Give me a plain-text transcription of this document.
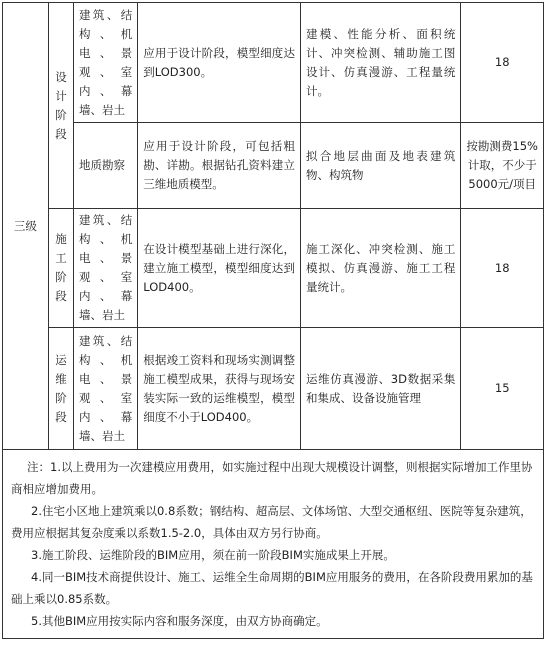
三级	设计阶段	建筑、结构、机电、景观、室内、幕墙、岩土	应用于设计阶段，模型细度达到LOD300。	建模、性能分析、面积统计、冲突检测、辅助施工图设计、仿真漫游、工程量统计。	18
		地质勘察	应用于设计阶段，可包括粗勘、详勘。根据钻孔资料建立三维地质模型。	拟合地层曲面及地表建筑物、构筑物	按勘测费15%计取，不少于5000元/项目
	施工阶段	建筑、结构、机电、景观、室内、幕墙、岩土	在设计模型基础上进行深化，建立施工模型，模型细度达到LOD400。	施工深化、冲突检测、施工模拟、仿真漫游、施工工程量统计。	18
	运维阶段	建筑、结构、机电、景观、室内、幕墙、岩土	根据竣工资料和现场实测调整施工模型成果，获得与现场安装实际一致的运维模型，模型细度不小于LOD400。	运维仿真漫游、3D数据采集和集成、设备设施管理	15

注：1.以上费用为一次建模应用费用，如实施过程中出现大规模设计调整，则根据实际增加工作里协商相应增加费用。
2.住宅小区地上建筑乘以0.8系数；钢结构、超高层、文体场馆、大型交通枢纽、医院等复杂建筑，费用应根据其复杂度乘以系数1.5-2.0，具体由双方另行协商。
3.施工阶段、运维阶段的BIM应用，须在前一阶段BIM实施成果上开展。
4.同一BIM技术商提供设计、施工、运维全生命周期的BIM应用服务的费用，在各阶段费用累加的基础上乘以0.85系数。
5.其他BIM应用按实际内容和服务深度，由双方协商确定。					
